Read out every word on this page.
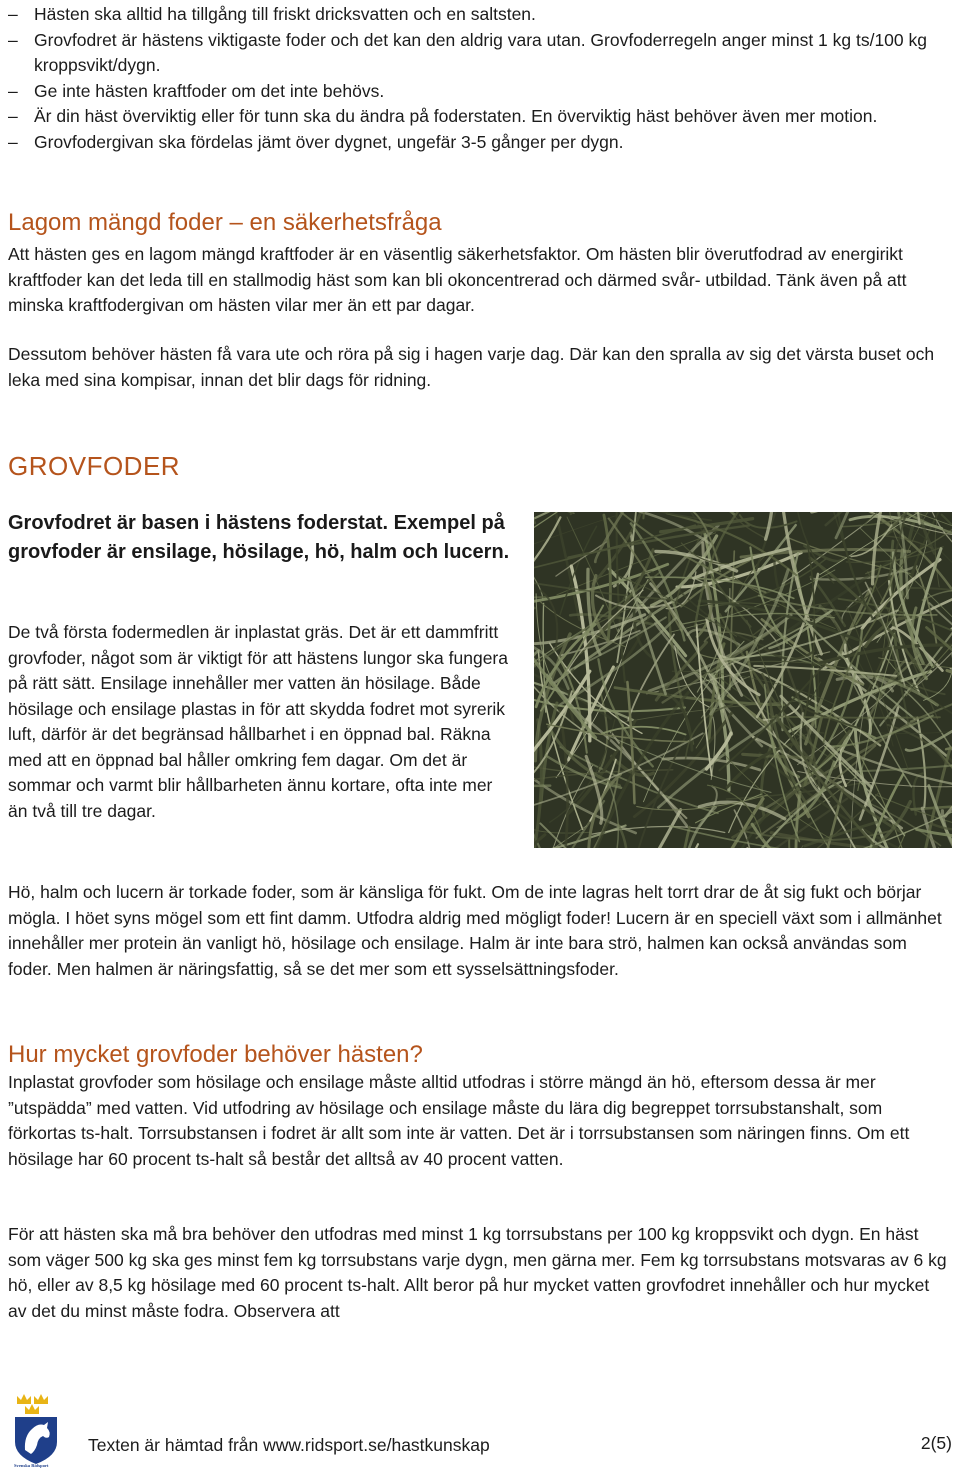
– Hästen ska alltid ha tillgång till friskt dricksvatten och en saltsten.
– Grovfodret är hästens viktigaste foder och det kan den aldrig vara utan. Grovfoderregeln anger minst 1 kg ts/100 kg kroppsvikt/dygn.
– Ge inte hästen kraftfoder om det inte behövs.
– Är din häst överviktig eller för tunn ska du ändra på foderstaten. En överviktig häst behöver även mer motion.
– Grovfodergivan ska fördelas jämt över dygnet, ungefär 3-5 gånger per dygn.
Lagom mängd foder – en säkerhetsfråga

Att hästen ges en lagom mängd kraftfoder är en väsentlig säkerhetsfaktor. Om hästen blir överutfodrad av energirikt kraftfoder kan det leda till en stallmodig häst som kan bli okoncentrerad och därmed svår- utbildad. Tänk även på att minska kraftfodergivan om hästen vilar mer än ett par dagar.

Dessutom behöver hästen få vara ute och röra på sig i hagen varje dag. Där kan den spralla av sig det värsta buset och leka med sina kompisar, innan det blir dags för ridning.

GROVFODER

Grovfodret är basen i hästens foderstat. Exempel på grovfoder är ensilage, hösilage, hö, halm och lucern.

De två första fodermedlen är inplastat gräs. Det är ett dammfritt grovfoder, något som är viktigt för att hästens lungor ska fungera på rätt sätt. Ensilage innehåller mer vatten än hösilage. Både hösilage och ensilage plastas in för att skydda fodret mot syrerik luft, därför är det begränsad hållbarhet i en öppnad bal. Räkna med att en öppnad bal håller omkring fem dagar. Om det är sommar och varmt blir hållbarheten ännu kortare, ofta inte mer än två till tre dagar.

Hö, halm och lucern är torkade foder, som är känsliga för fukt. Om de inte lagras helt torrt drar de åt sig fukt och börjar mögla. I höet syns mögel som ett fint damm. Utfodra aldrig med mögligt foder! Lucern är en speciell växt som i allmänhet innehåller mer protein än vanligt hö, hösilage och ensilage. Halm är inte bara strö, halmen kan också användas som foder. Men halmen är näringsfattig, så se det mer som ett sysselsättningsfoder.

Hur mycket grovfoder behöver hästen?

Inplastat grovfoder som hösilage och ensilage måste alltid utfodras i större mängd än hö, eftersom dessa är mer ”utspädda” med vatten. Vid utfodring av hösilage och ensilage måste du lära dig begreppet torrsubstanshalt, som förkortas ts-halt. Torrsubstansen i fodret är allt som inte är vatten. Det är i torrsubstansen som näringen finns. Om ett hösilage har 60 procent ts-halt så består det alltså av 40 procent vatten.

För att hästen ska må bra behöver den utfodras med minst 1 kg torrsubstans per 100 kg kroppsvikt och dygn. En häst som väger 500 kg ska ges minst fem kg torrsubstans varje dygn, men gärna mer. Fem kg torrsubstans motsvaras av 6 kg hö, eller av 8,5 kg hösilage med 60 procent ts-halt. Allt beror på hur mycket vatten grovfodret innehåller och hur mycket av det du minst måste fodra. Observera att

Svenska Ridsport

Texten är hämtad från www.ridsport.se/hastkunskap	2(5)
